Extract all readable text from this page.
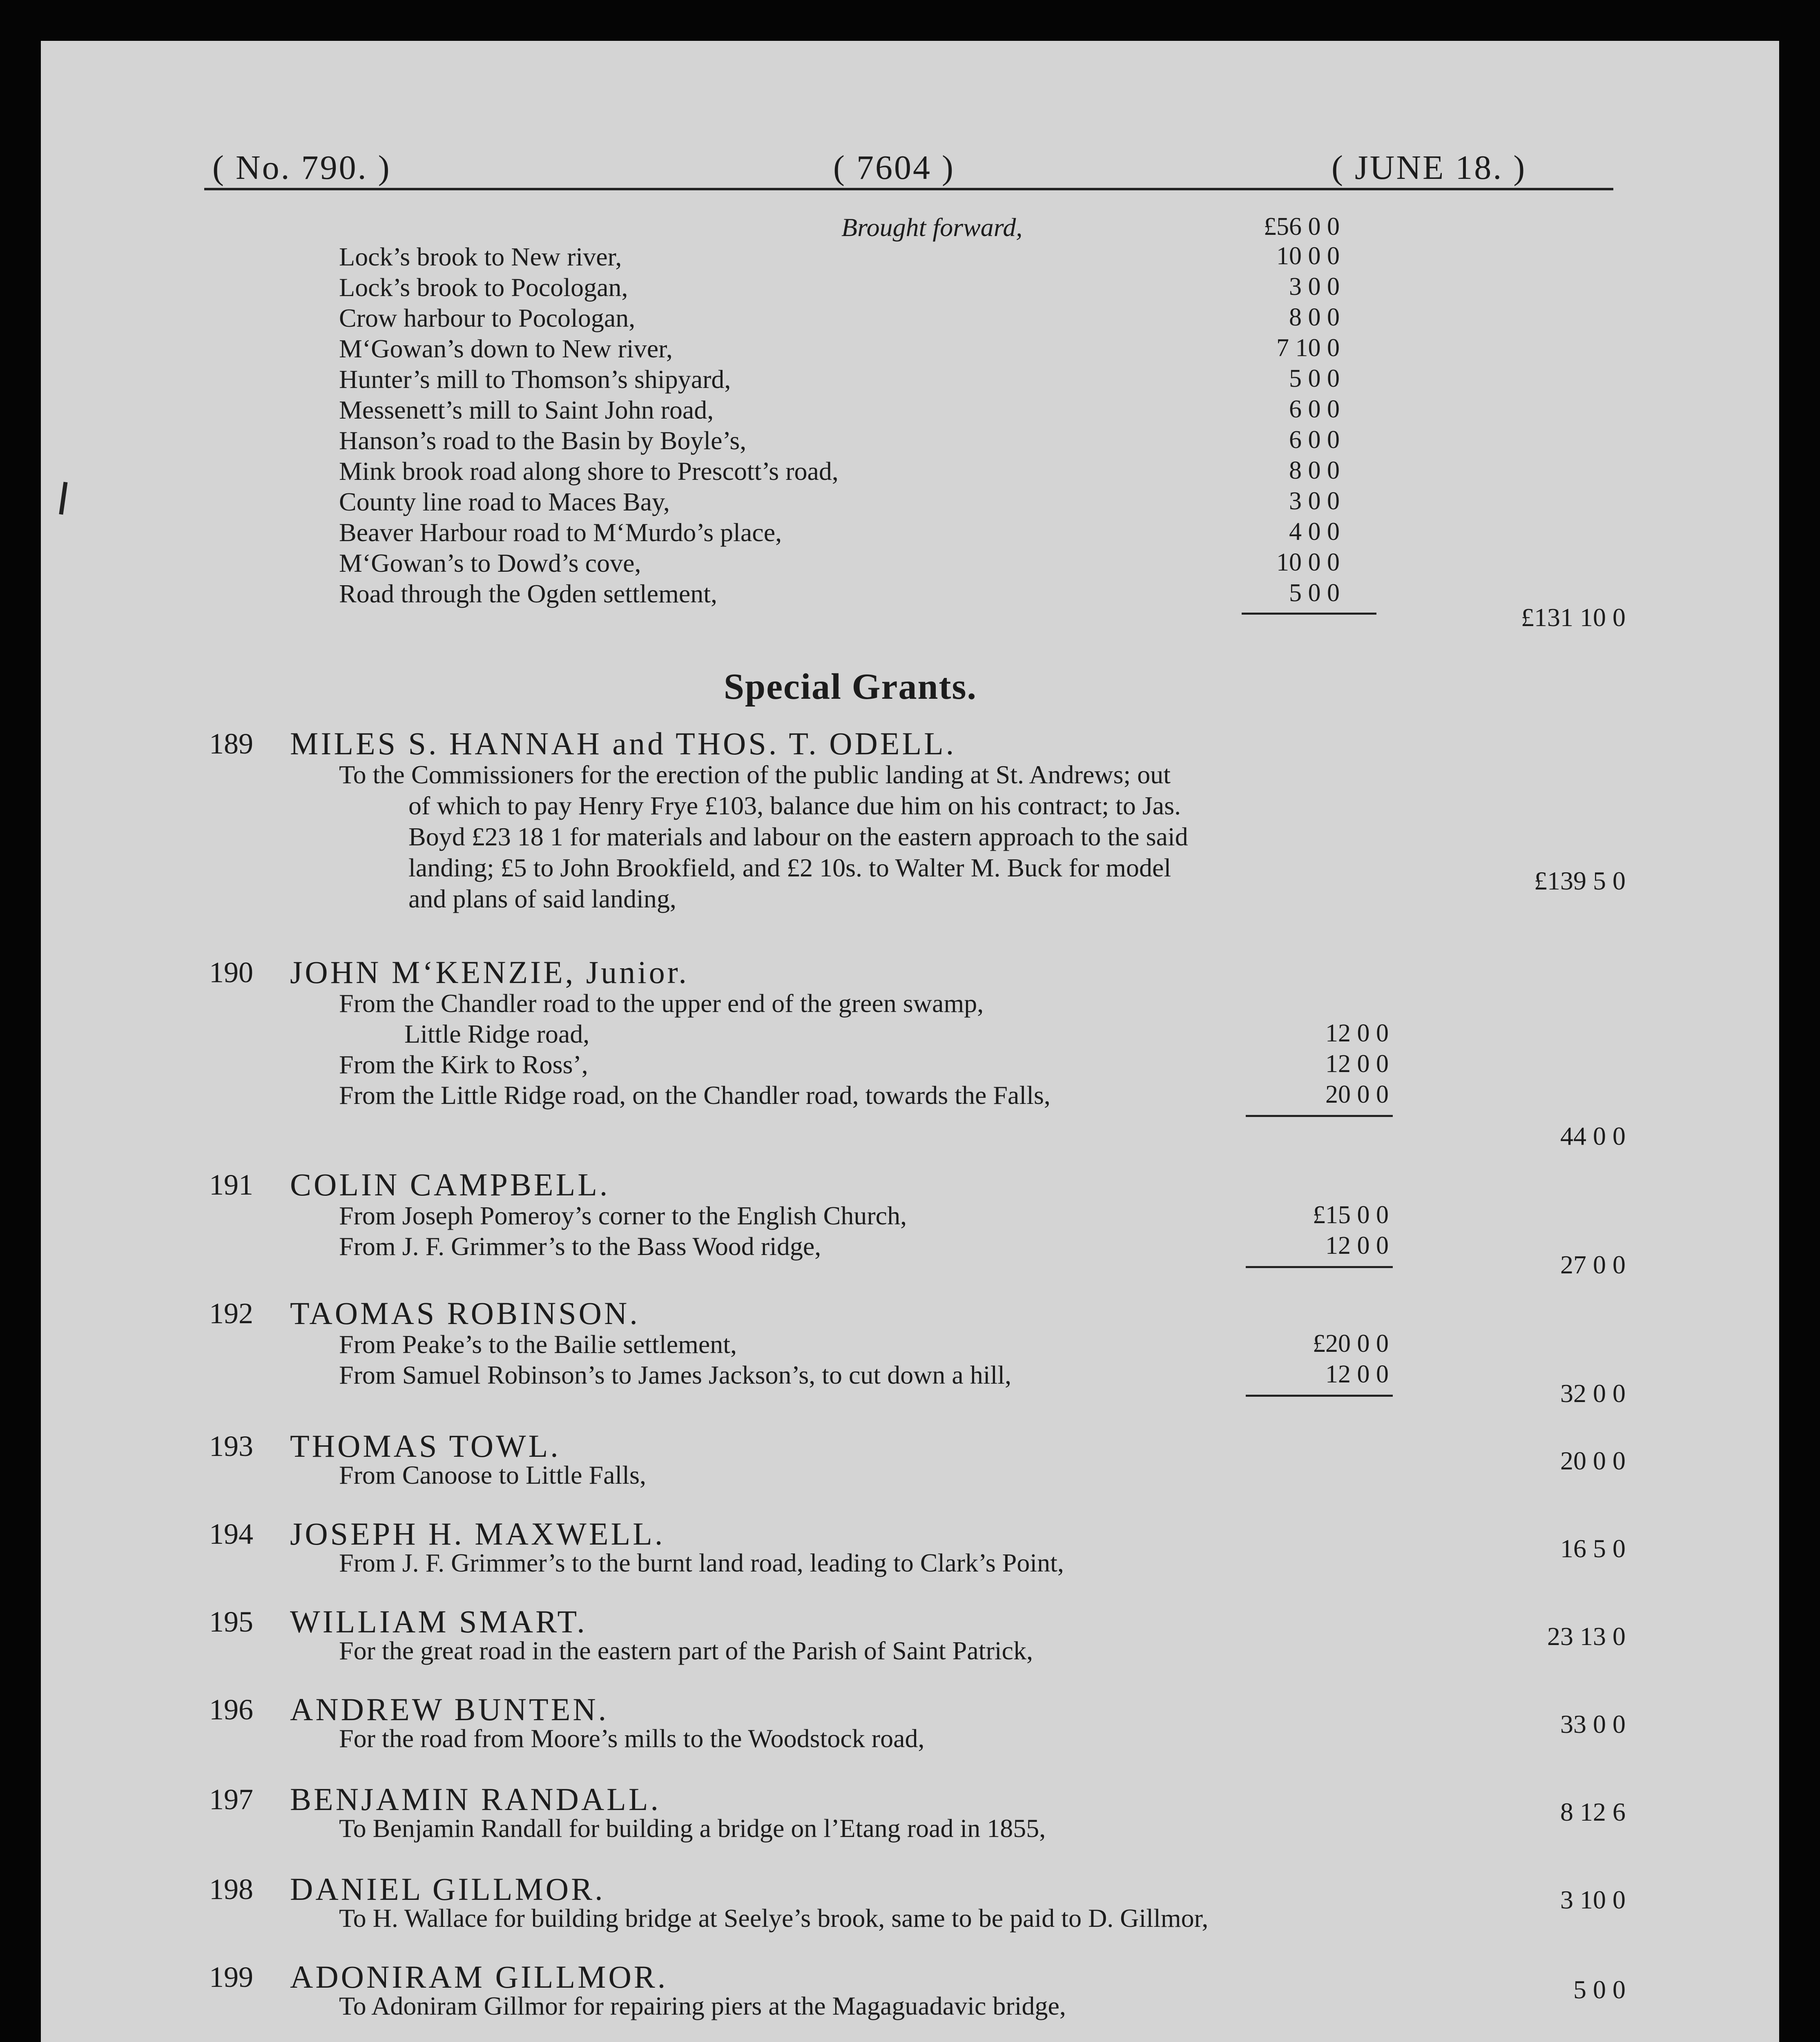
( No. 790. )	( 7604 )	( JUNE 18. )
Brought forward,	£56 0 0
Lock’s brook to New river,	10 0 0
Lock’s brook to Pocologan,	3 0 0
Crow harbour to Pocologan,	8 0 0
M‘Gowan’s down to New river,	7 10 0
Hunter’s mill to Thomson’s shipyard,	5 0 0
Messenett’s mill to Saint John road,	6 0 0
Hanson’s road to the Basin by Boyle’s,	6 0 0
Mink brook road along shore to Prescott’s road,	8 0 0
County line road to Maces Bay,	3 0 0
Beaver Harbour road to M‘Murdo’s place,	4 0 0
M‘Gowan’s to Dowd’s cove,	10 0 0
Road through the Ogden settlement,	5 0 0
£131 10 0
Special Grants.
189 MILES S. HANNAH and THOS. T. ODELL.
To the Commissioners for the erection of the public landing at St. Andrews; out
of which to pay Henry Frye £103, balance due him on his contract; to Jas.
Boyd £23 18 1 for materials and labour on the eastern approach to the said
landing; £5 to John Brookfield, and £2 10s. to Walter M. Buck for model
and plans of said landing,
£139 5 0
190 JOHN M‘KENZIE, Junior.
From the Chandler road to the upper end of the green swamp,
Little Ridge road,	12 0 0
From the Kirk to Ross’,	12 0 0
From the Little Ridge road, on the Chandler road, towards the Falls,	20 0 0
44 0 0
191 COLIN CAMPBELL.
From Joseph Pomeroy’s corner to the English Church,	£15 0 0
From J. F. Grimmer’s to the Bass Wood ridge,	12 0 0
27 0 0
192 TAOMAS ROBINSON.
From Peake’s to the Bailie settlement,	£20 0 0
From Samuel Robinson’s to James Jackson’s, to cut down a hill,	12 0 0
32 0 0
193 THOMAS TOWL.
From Canoose to Little Falls,	20 0 0
194 JOSEPH H. MAXWELL.
From J. F. Grimmer’s to the burnt land road, leading to Clark’s Point,	16 5 0
195 WILLIAM SMART.
For the great road in the eastern part of the Parish of Saint Patrick,	23 13 0
196 ANDREW BUNTEN.
For the road from Moore’s mills to the Woodstock road,	33 0 0
197 BENJAMIN RANDALL.
To Benjamin Randall for building a bridge on l’Etang road in 1855,
8 12 6
198 DANIEL GILLMOR.
To H. Wallace for building bridge at Seelye’s brook, same to be paid to D. Gillmor,
3 10 0
199 ADONIRAM GILLMOR.
To Adoniram Gillmor for repairing piers at the Magaguadavic bridge,
5 0 0
